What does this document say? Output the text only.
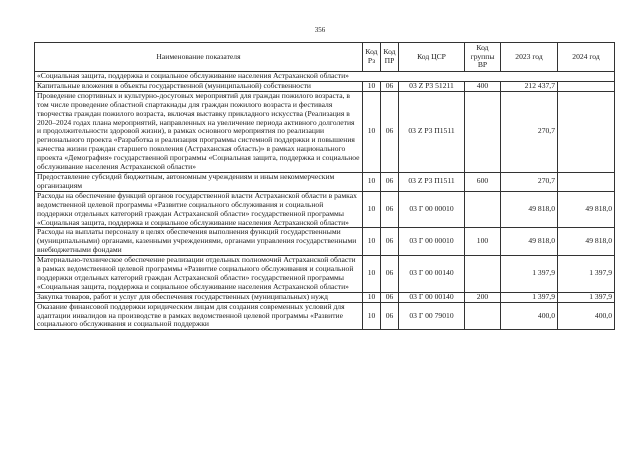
356
Наименование показателя	Код Рз	Код ПР	Код ЦСР	Код группы ВР	2023 год	2024 год
«Социальная защита, поддержка и социальное обслуживание населения Астраханской области»						
Капитальные вложения в объекты государственной (муниципальной) собственности	10	06	03 Z P3 51211	400	212 437,7	
Проведение спортивных и культурно-досуговых мероприятий для граждан пожилого возраста, в том числе проведение областной спартакиады для граждан пожилого возраста и фестиваля творчества граждан пожилого возраста, включая выставку прикладного искусства (Реализация в 2020–2024 годах плана мероприятий, направленных на увеличение периода активного долголетия и продолжительности здоровой жизни), в рамках основного мероприятия по реализации регионального проекта «Разработка и реализация программы системной поддержки и повышения качества жизни граждан старшего поколения (Астраханская область)» в рамках национального проекта «Демография» государственной программы «Социальная защита, поддержка и социальное обслуживание населения Астраханской области»	10	06	03 Z P3 П1511		270,7	
Предоставление субсидий бюджетным, автономным учреждениям и иным некоммерческим организациям	10	06	03 Z P3 П1511	600	270,7	
Расходы на обеспечение функций органов государственной власти Астраханской области в рамках ведомственной целевой программы «Развитие социального обслуживания и социальной поддержки отдельных категорий граждан Астраханской области» государственной программы «Социальная защита, поддержка и социальное обслуживание населения Астраханской области»	10	06	03 Г 00 00010		49 818,0	49 818,0
Расходы на выплаты персоналу в целях обеспечения выполнения функций государственными (муниципальными) органами, казенными учреждениями, органами управления государственными внебюджетными фондами	10	06	03 Г 00 00010	100	49 818,0	49 818,0
Материально-техническое обеспечение реализации отдельных полномочий Астраханской области в рамках ведомственной целевой программы «Развитие социального обслуживания и социальной поддержки отдельных категорий граждан Астраханской области» государственной программы «Социальная защита, поддержка и социальное обслуживание населения Астраханской области»	10	06	03 Г 00 00140		1 397,9	1 397,9
Закупка товаров, работ и услуг для обеспечения государственных (муниципальных) нужд	10	06	03 Г 00 00140	200	1 397,9	1 397,9
Оказание финансовой поддержки юридическим лицам для создания современных условий для адаптации инвалидов на производстве в рамках ведомственной целевой программы «Развитие социального обслуживания и социальной поддержки	10	06	03 Г 00 79010		400,0	400,0
